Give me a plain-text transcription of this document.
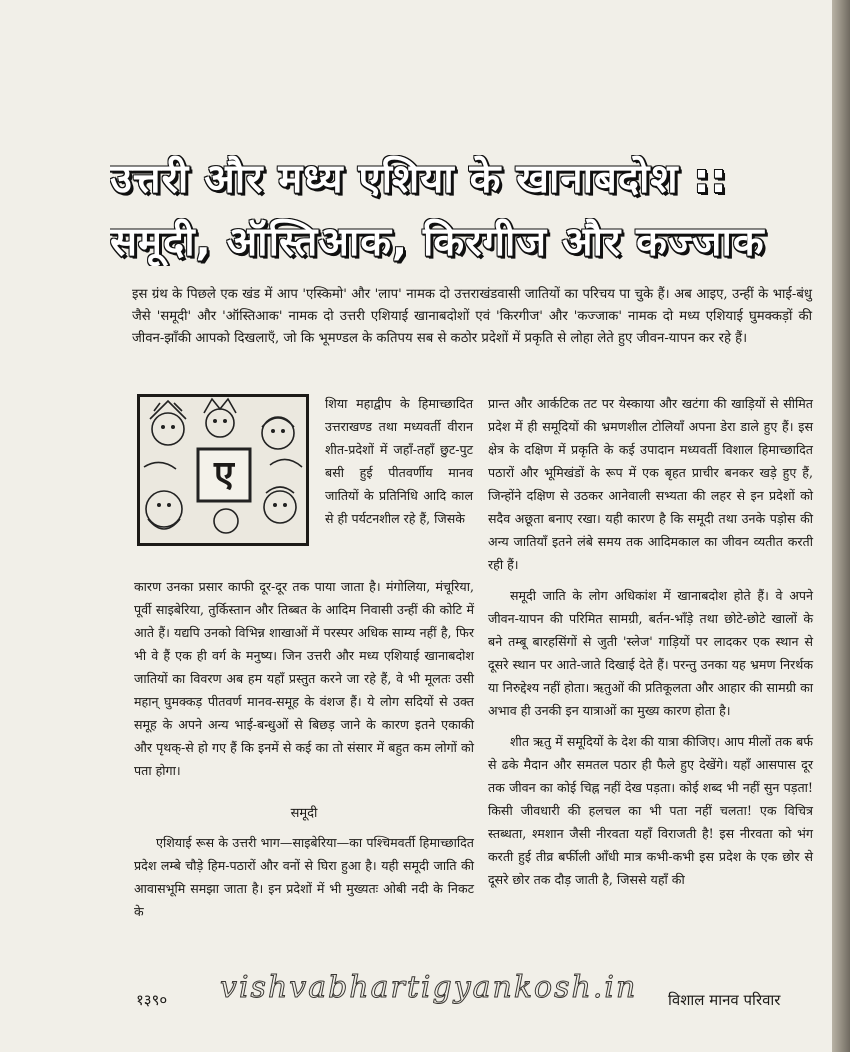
उत्तरी और मध्य एशिया के खानाबदोश ::
समूदी, ऑस्तिआक, किरगीज और कज्जाक
इस ग्रंथ के पिछले एक खंड में आप 'एस्किमो' और 'लाप' नामक दो उत्तराखंडवासी जातियों का परिचय पा चुके हैं। अब आइए, उन्हीं के भाई-बंधु जैसे 'समूदी' और 'ऑस्तिआक' नामक दो उत्तरी एशियाई खानाबदोशों एवं 'किरगीज' और 'कज्जाक' नामक दो मध्य एशियाई घुमक्कड़ों की जीवन-झाँकी आपको दिखलाएँ, जो कि भूमण्डल के कतिपय सब से कठोर प्रदेशों में प्रकृति से लोहा लेते हुए जीवन-यापन कर रहे हैं।
ए

शिया महाद्वीप के हिमाच्छादित उत्तराखण्ड तथा मध्यवर्ती वीरान शीत-प्रदेशों में जहाँ-तहाँ छुट-पुट बसी हुई पीतवर्णीय मानव जातियों के प्रतिनिधि आदि काल से ही पर्यटनशील रहे हैं, जिसके

कारण उनका प्रसार काफी दूर-दूर तक पाया जाता है। मंगोलिया, मंचूरिया, पूर्वी साइबेरिया, तुर्किस्तान और तिब्बत के आदिम निवासी उन्हीं की कोटि में आते हैं। यद्यपि उनको विभिन्न शाखाओं में परस्पर अधिक साम्य नहीं है, फिर भी वे हैं एक ही वर्ग के मनुष्य। जिन उत्तरी और मध्य एशियाई खानाबदोश जातियों का विवरण अब हम यहाँ प्रस्तुत करने जा रहे हैं, वे भी मूलतः उसी महान् घुमक्कड़ पीतवर्ण मानव-समूह के वंशज हैं। ये लोग सदियों से उक्त समूह के अपने अन्य भाई-बन्धुओं से बिछड़ जाने के कारण इतने एकाकी और पृथक्-से हो गए हैं कि इनमें से कई का तो संसार में बहुत कम लोगों को पता होगा।

समूदी

एशियाई रूस के उत्तरी भाग—साइबेरिया—का पश्चिमवर्ती हिमाच्छादित प्रदेश लम्बे चौड़े हिम-पठारों और वनों से घिरा हुआ है। यही समूदी जाति की आवासभूमि समझा जाता है। इन प्रदेशों में भी मुख्यतः ओबी नदी के निकट के

प्रान्त और आर्कटिक तट पर येस्काया और खटंगा की खाड़ियों से सीमित प्रदेश में ही समूदियों की भ्रमणशील टोलियाँ अपना डेरा डाले हुए हैं। इस क्षेत्र के दक्षिण में प्रकृति के कई उपादान मध्यवर्ती विशाल हिमाच्छादित पठारों और भूमिखंडों के रूप में एक बृहत प्राचीर बनकर खड़े हुए हैं, जिन्होंने दक्षिण से उठकर आनेवाली सभ्यता की लहर से इन प्रदेशों को सदैव अछूता बनाए रखा। यही कारण है कि समूदी तथा उनके पड़ोस की अन्य जातियाँ इतने लंबे समय तक आदिमकाल का जीवन व्यतीत करती रही हैं।

समूदी जाति के लोग अधिकांश में खानाबदोश होते हैं। वे अपने जीवन-यापन की परिमित सामग्री, बर्तन-भाँड़े तथा छोटे-छोटे खालों के बने तम्बू बारहसिंगों से जुती 'स्लेज' गाड़ियों पर लादकर एक स्थान से दूसरे स्थान पर आते-जाते दिखाई देते हैं। परन्तु उनका यह भ्रमण निरर्थक या निरुद्देश्य नहीं होता। ऋतुओं की प्रतिकूलता और आहार की सामग्री का अभाव ही उनकी इन यात्राओं का मुख्य कारण होता है।

शीत ऋतु में समूदियों के देश की यात्रा कीजिए। आप मीलों तक बर्फ से ढके मैदान और समतल पठार ही फैले हुए देखेंगे। यहाँ आसपास दूर तक जीवन का कोई चिह्न नहीं देख पड़ता। कोई शब्द भी नहीं सुन पड़ता! किसी जीवधारी की हलचल का भी पता नहीं चलता! एक विचित्र स्तब्धता, श्मशान जैसी नीरवता यहाँ विराजती है! इस नीरवता को भंग करती हुई तीव्र बर्फीली आँधी मात्र कभी-कभी इस प्रदेश के एक छोर से दूसरे छोर तक दौड़ जाती है, जिससे यहाँ की

१३९० vishvabhartigyankosh.in विशाल मानव परिवार
